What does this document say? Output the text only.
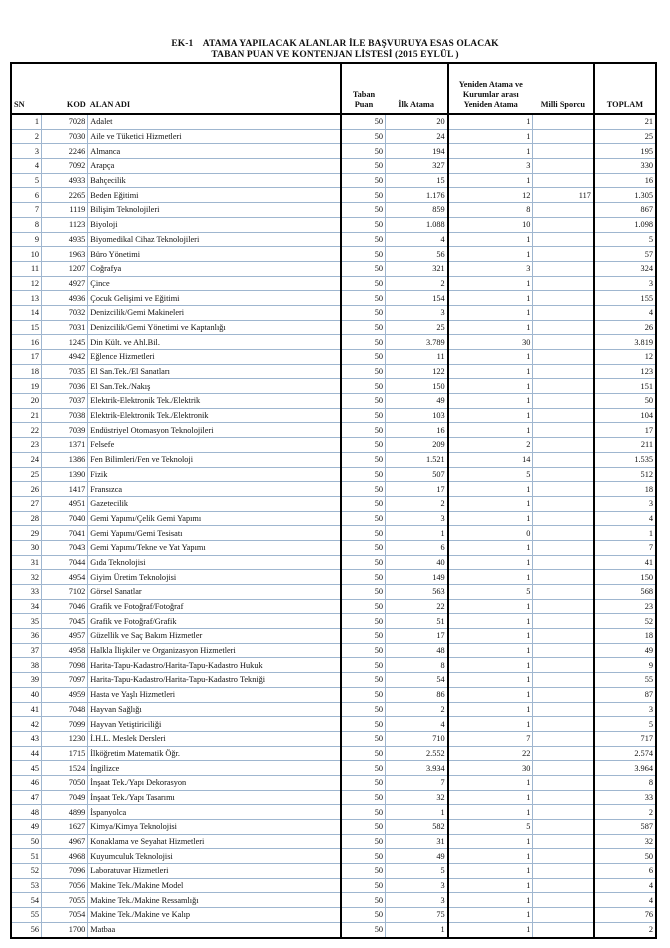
EK-1    ATAMA YAPILACAK ALANLAR İLE BAŞVURUYA ESAS OLACAK
TABAN PUAN VE KONTENJAN LİSTESİ (2015 EYLÜL )
SN	KOD	ALAN ADI	Taban Puan	İlk Atama	Yeniden Atama ve Kurumlar arası Yeniden Atama	Milli Sporcu	TOPLAM
1	7028	Adalet	50	20	1		21
2	7030	Aile ve Tüketici Hizmetleri	50	24	1		25
3	2246	Almanca	50	194	1		195
4	7092	Arapça	50	327	3		330
5	4933	Bahçecilik	50	15	1		16
6	2265	Beden Eğitimi	50	1.176	12	117	1.305
7	1119	Bilişim Teknolojileri	50	859	8		867
8	1123	Biyoloji	50	1.088	10		1.098
9	4935	Biyomedikal Cihaz Teknolojileri	50	4	1		5
10	1963	Büro Yönetimi	50	56	1		57
11	1207	Coğrafya	50	321	3		324
12	4927	Çince	50	2	1		3
13	4936	Çocuk Gelişimi ve Eğitimi	50	154	1		155
14	7032	Denizcilik/Gemi Makineleri	50	3	1		4
15	7031	Denizcilik/Gemi Yönetimi ve Kaptanlığı	50	25	1		26
16	1245	Din Kült. ve Ahl.Bil.	50	3.789	30		3.819
17	4942	Eğlence Hizmetleri	50	11	1		12
18	7035	El San.Tek./El Sanatları	50	122	1		123
19	7036	El San.Tek./Nakış	50	150	1		151
20	7037	Elektrik-Elektronik Tek./Elektrik	50	49	1		50
21	7038	Elektrik-Elektronik Tek./Elektronik	50	103	1		104
22	7039	Endüstriyel Otomasyon Teknolojileri	50	16	1		17
23	1371	Felsefe	50	209	2		211
24	1386	Fen Bilimleri/Fen ve Teknoloji	50	1.521	14		1.535
25	1390	Fizik	50	507	5		512
26	1417	Fransızca	50	17	1		18
27	4951	Gazetecilik	50	2	1		3
28	7040	Gemi Yapımı/Çelik Gemi Yapımı	50	3	1		4
29	7041	Gemi Yapımı/Gemi Tesisatı	50	1	0		1
30	7043	Gemi Yapımı/Tekne ve Yat Yapımı	50	6	1		7
31	7044	Gıda Teknolojisi	50	40	1		41
32	4954	Giyim Üretim Teknolojisi	50	149	1		150
33	7102	Görsel Sanatlar	50	563	5		568
34	7046	Grafik ve Fotoğraf/Fotoğraf	50	22	1		23
35	7045	Grafik ve Fotoğraf/Grafik	50	51	1		52
36	4957	Güzellik ve Saç Bakım Hizmetler	50	17	1		18
37	4958	Halkla İlişkiler ve Organizasyon Hizmetleri	50	48	1		49
38	7098	Harita-Tapu-Kadastro/Harita-Tapu-Kadastro Hukuk	50	8	1		9
39	7097	Harita-Tapu-Kadastro/Harita-Tapu-Kadastro Tekniği	50	54	1		55
40	4959	Hasta ve Yaşlı Hizmetleri	50	86	1		87
41	7048	Hayvan Sağlığı	50	2	1		3
42	7099	Hayvan Yetiştiriciliği	50	4	1		5
43	1230	İ.H.L. Meslek Dersleri	50	710	7		717
44	1715	İlköğretim Matematik Öğr.	50	2.552	22		2.574
45	1524	İngilizce	50	3.934	30		3.964
46	7050	İnşaat Tek./Yapı Dekorasyon	50	7	1		8
47	7049	İnşaat Tek./Yapı Tasarımı	50	32	1		33
48	4899	İspanyolca	50	1	1		2
49	1627	Kimya/Kimya Teknolojisi	50	582	5		587
50	4967	Konaklama ve Seyahat Hizmetleri	50	31	1		32
51	4968	Kuyumculuk Teknolojisi	50	49	1		50
52	7096	Laboratuvar Hizmetleri	50	5	1		6
53	7056	Makine Tek./Makine Model	50	3	1		4
54	7055	Makine Tek./Makine Ressamlığı	50	3	1		4
55	7054	Makine Tek./Makine ve Kalıp	50	75	1		76
56	1700	Matbaa	50	1	1		2
